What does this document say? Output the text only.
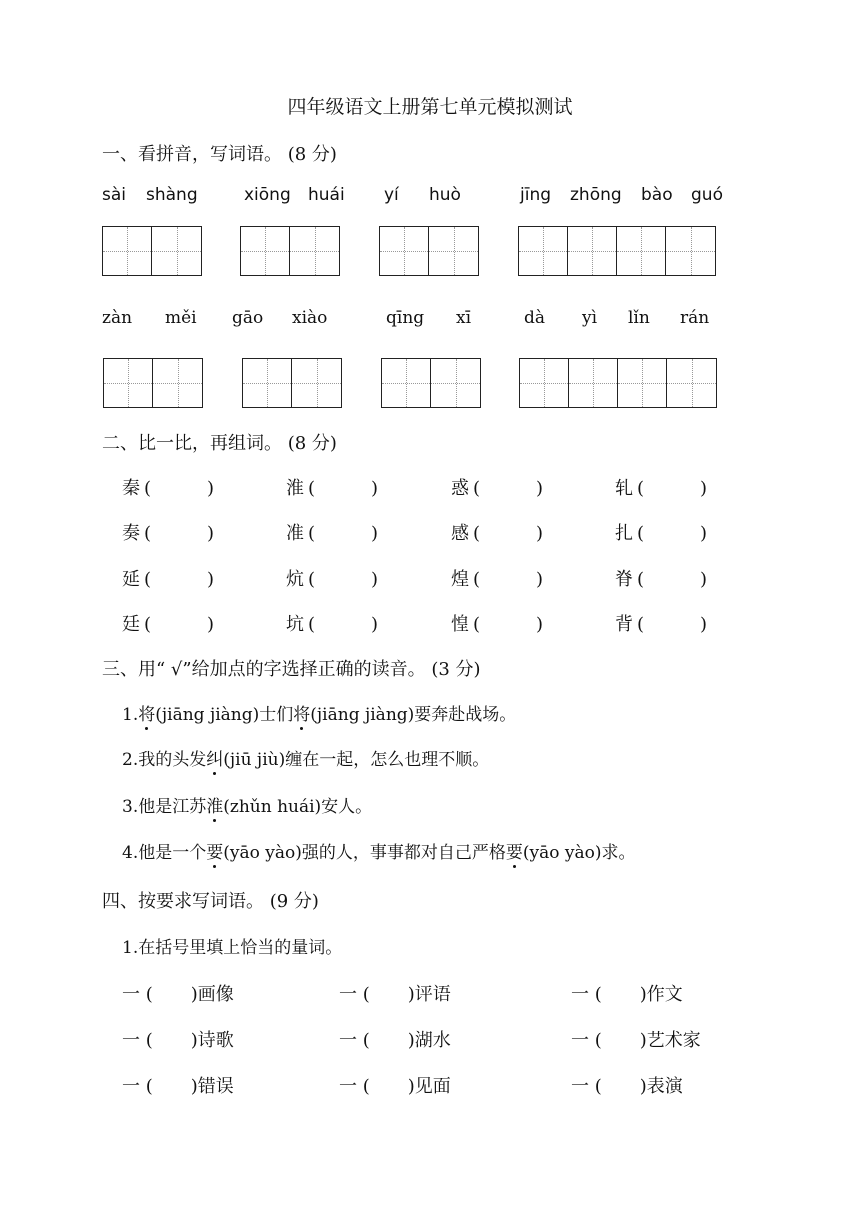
四年级语文上册第七单元模拟测试
一、看拼音，写词语。 (8 分)
sài shàng	xiōng huái yí huò	jīng zhōng bào guó
zàn měi gāo xiào	qīng xī	dà yì lǐn rán
二、比一比，再组词。 (8 分)
秦 (	)	淮 (	)	惑 (	)	轧 (	)
奏 (	)	准 (	)	感 (	)	扎 (	)
延 (	)	炕 (	)	煌 (	)	脊 (	)
廷 (	)	坑 (	)	惶 (	)	背 (	)
三、用“ √”给加点的字选择正确的读音。 (3 分)
1.将(jiāng jiàng)士们将(jiāng jiàng)要奔赴战场。
2.我的头发纠(jiū jiù)缠在一起，怎么也理不顺。
3.他是江苏淮(zhǔn huái)安人。
4.他是一个要(yāo yào)强的人，事事都对自己严格要(yāo yào)求。
四、按要求写词语。 (9 分)
1.在括号里填上恰当的量词。
一 ( )画像	一 ( )评语	一 ( )作文
一 ( )诗歌	一 ( )湖水	一 ( )艺术家
一 ( )错误	一 ( )见面	一 ( )表演
